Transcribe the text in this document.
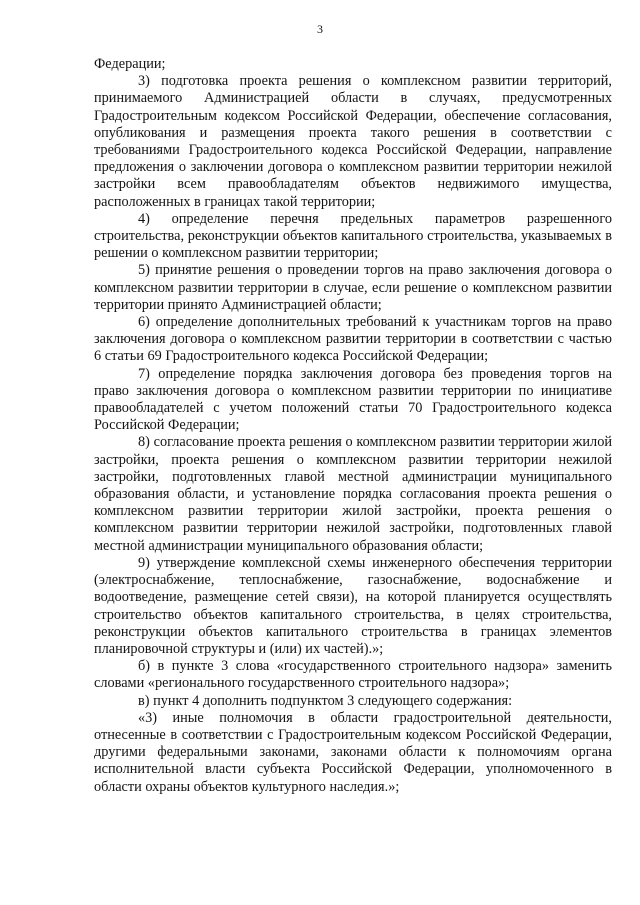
3

Федерации;

3) подготовка проекта решения о комплексном развитии территорий, принимаемого Администрацией области в случаях, предусмотренных Градостроительным кодексом Российской Федерации, обеспечение согласования, опубликования и размещения проекта такого решения в соответствии с требованиями Градостроительного кодекса Российской Федерации, направление предложения о заключении договора о комплексном развитии территории нежилой застройки всем правообладателям объектов недвижимого имущества, расположенных в границах такой территории;

4) определение перечня предельных параметров разрешенного строительства, реконструкции объектов капитального строительства, указываемых в решении о комплексном развитии территории;

5) принятие решения о проведении торгов на право заключения договора о комплексном развитии территории в случае, если решение о комплексном развитии территории принято Администрацией области;

6) определение дополнительных требований к участникам торгов на право заключения договора о комплексном развитии территории в соответствии с частью 6 статьи 69 Градостроительного кодекса Российской Федерации;

7) определение порядка заключения договора без проведения торгов на право заключения договора о комплексном развитии территории по инициативе правообладателей с учетом положений статьи 70 Градостроительного кодекса Российской Федерации;

8) согласование проекта решения о комплексном развитии территории жилой застройки, проекта решения о комплексном развитии территории нежилой застройки, подготовленных главой местной администрации муниципального образования области, и установление порядка согласования проекта решения о комплексном развитии территории жилой застройки, проекта решения о комплексном развитии территории нежилой застройки, подготовленных главой местной администрации муниципального образования области;

9) утверждение комплексной схемы инженерного обеспечения территории (электроснабжение, теплоснабжение, газоснабжение, водоснабжение и водоотведение, размещение сетей связи), на которой планируется осуществлять строительство объектов капитального строительства, в целях строительства, реконструкции объектов капитального строительства в границах элементов планировочной структуры и (или) их частей).»;

б) в пункте 3 слова «государственного строительного надзора» заменить словами «регионального государственного строительного надзора»;

в) пункт 4 дополнить подпунктом 3 следующего содержания:

«3) иные полномочия в области градостроительной деятельности, отнесенные в соответствии с Градостроительным кодексом Российской Федерации, другими федеральными законами, законами области к полномочиям органа исполнительной власти субъекта Российской Федерации, уполномоченного в области охраны объектов культурного наследия.»;
